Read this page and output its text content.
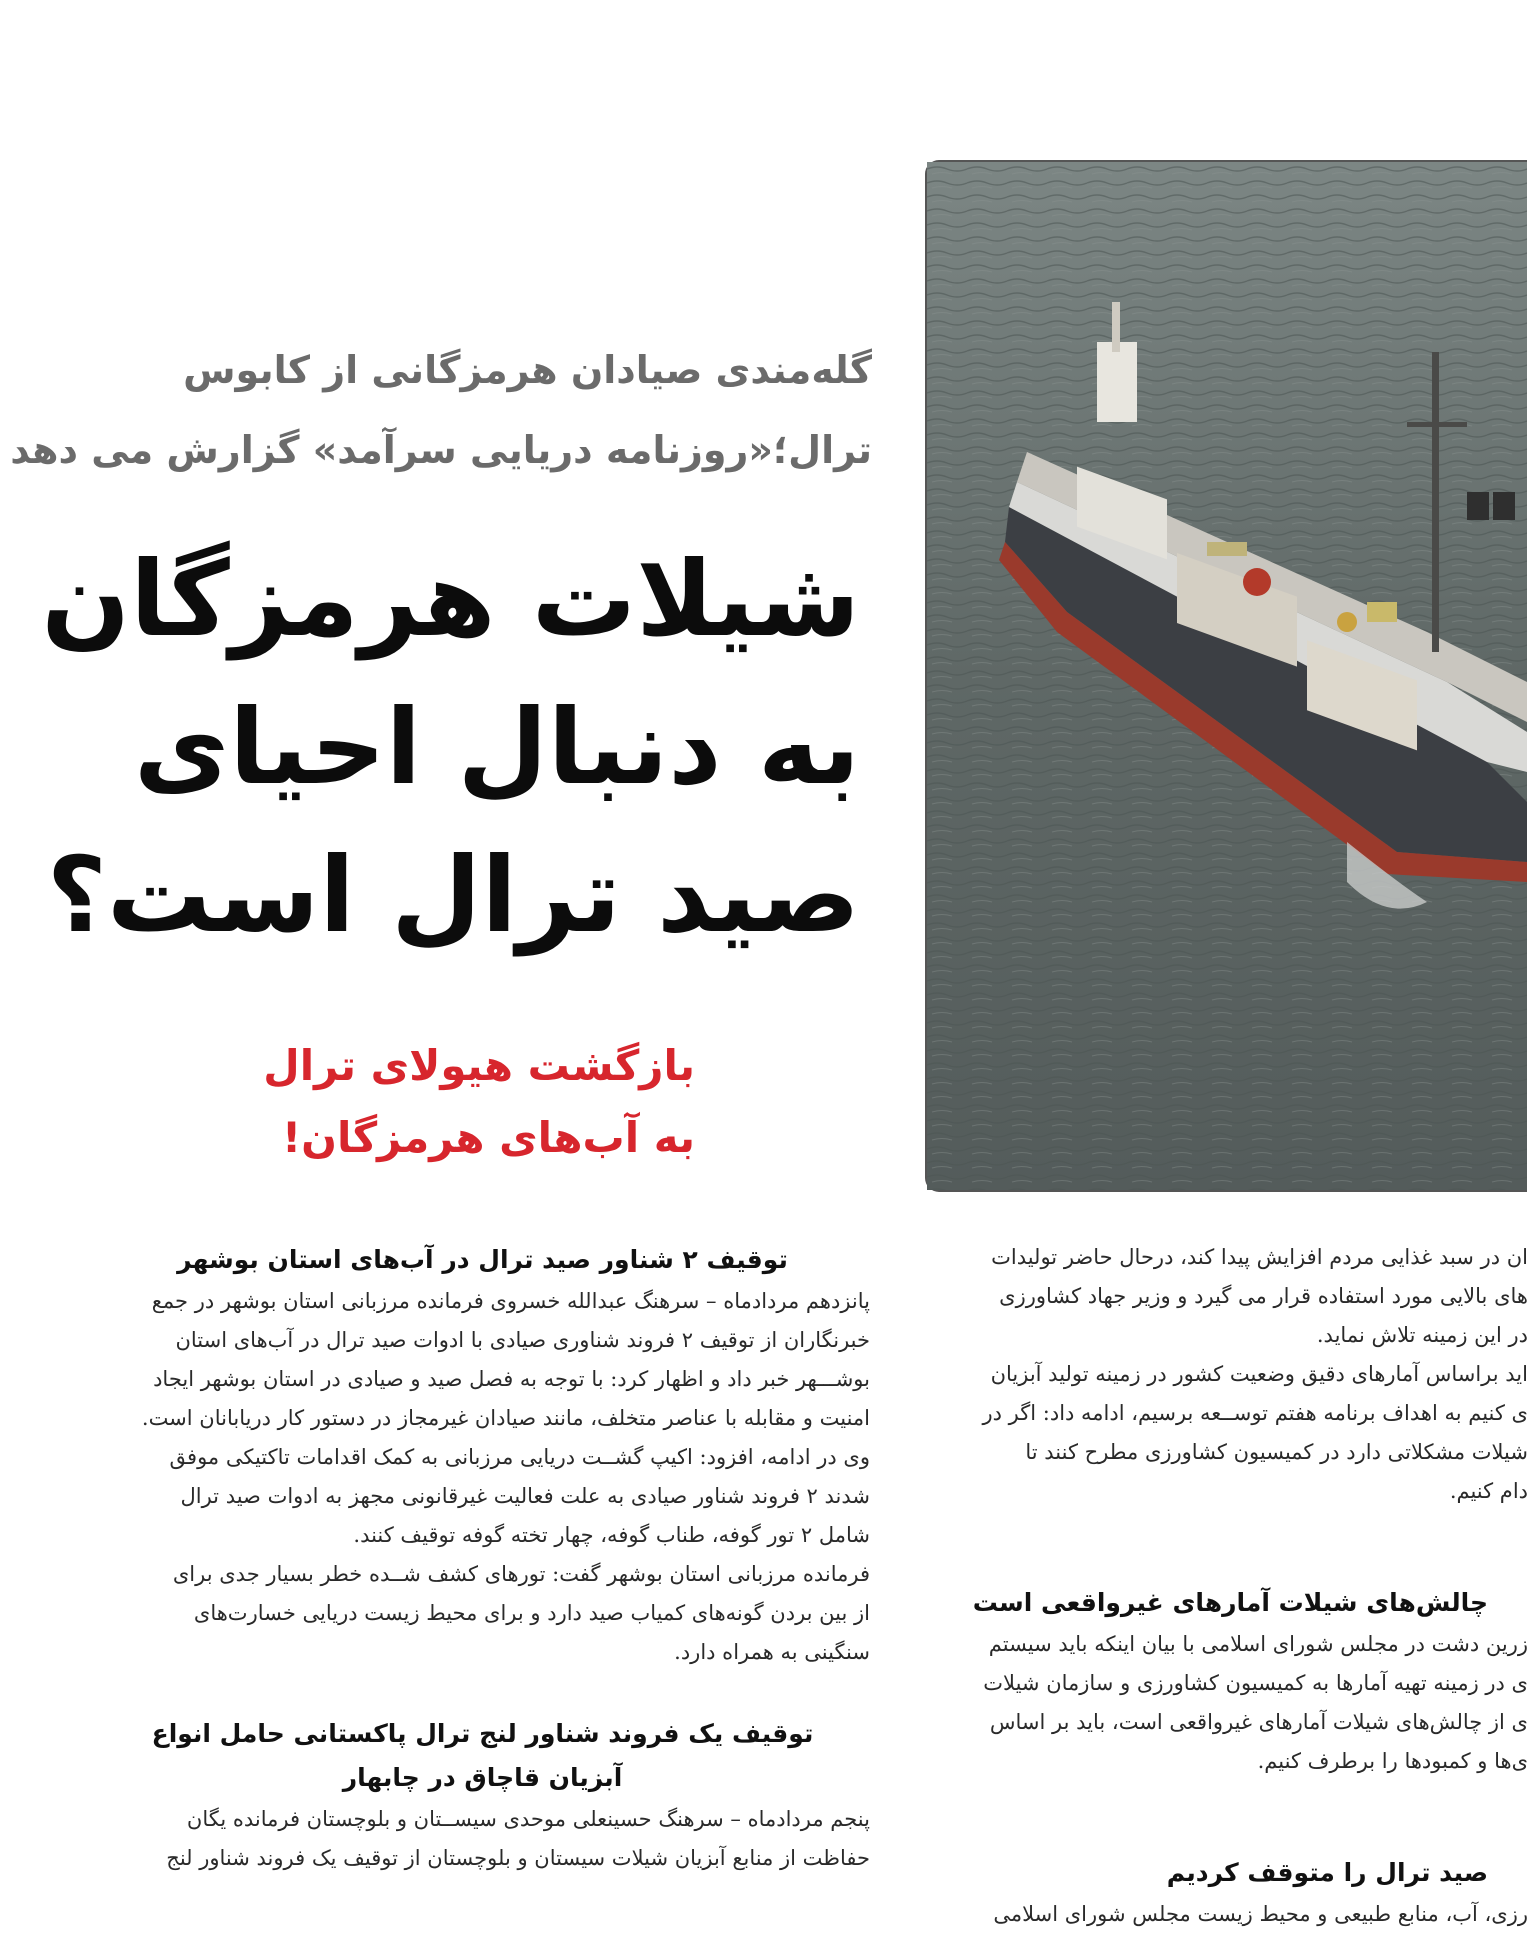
گله‌مندی صیادان هرمزگانی از کابوس
ترال؛«روزنامه دریایی سرآمد» گزارش می دهد
شیلات هرمزگان
به دنبال احیای
صید ترال است؟
بازگشت هیولای ترال
به آب‌های هرمزگان!
توقیف ۲ شناور صید ترال در آب‌های استان بوشهر

پانزدهم مردادماه – سرهنگ عبدالله خسروی فرمانده مرزبانی استان بوشهر در جمع

خبرنگاران از توقیف ۲ فروند شناوری صیادی با ادوات صید ترال در آب‌های استان

بوشـــهر خبر داد و اظهار کرد: با توجه به فصل صید و صیادی در استان بوشهر ایجاد

امنیت و مقابله با عناصر متخلف، مانند صیادان غیرمجاز در دستور کار دریابانان است.

وی در ادامه، افزود: اکیپ گشــت دریایی مرزبانی به کمک اقدامات تاکتیکی موفق

شدند ۲ فروند شناور صیادی به علت فعالیت غیرقانونی مجهز به ادوات صید ترال

شامل ۲ تور گوفه، طناب گوفه، چهار تخته گوفه توقیف کنند.

فرمانده مرزبانی استان بوشهر گفت: تورهای کشف شــده خطر بسیار جدی برای

از بین بردن گونه‌های کمیاب صید دارد و برای محیط زیست دریایی خسارت‌های

سنگینی به همراه دارد.

توقیف یک فروند شناور لنج ترال پاکستانی حامل انواع
آبزیان قاچاق در چابهار

پنجم مردادماه – سرهنگ حسینعلی موحدی سیســتان و بلوچستان فرمانده یگان

حفاظت از منابع آبزیان شیلات سیستان و بلوچستان از توقیف یک فروند شناور لنج

ان در سبد غذایی مردم افزایش پیدا کند، درحال حاضر تولیدات

های بالایی مورد استفاده قرار می گیرد و وزیر جهاد کشاورزی

در این زمینه تلاش نماید.

اید براساس آمارهای دقیق وضعیت کشور در زمینه تولید آبزیان

ی کنیم به اهداف برنامه هفتم توســعه برسیم، ادامه داد: اگر در

شیلات مشکلاتی دارد در کمیسیون کشاورزی مطرح کنند تا

دام کنیم.

چالش‌های شیلات آمارهای غیرواقعی است

زرین دشت در مجلس شورای اسلامی با بیان اینکه باید سیستم

ی در زمینه تهیه آمارها به کمیسیون کشاورزی و سازمان شیلات

ی از چالش‌های شیلات آمارهای غیرواقعی است، باید بر اساس

ی‌ها و کمبودها را برطرف کنیم.

صید ترال را متوقف کردیم

رزی، آب، منابع طبیعی و محیط زیست مجلس شورای اسلامی
